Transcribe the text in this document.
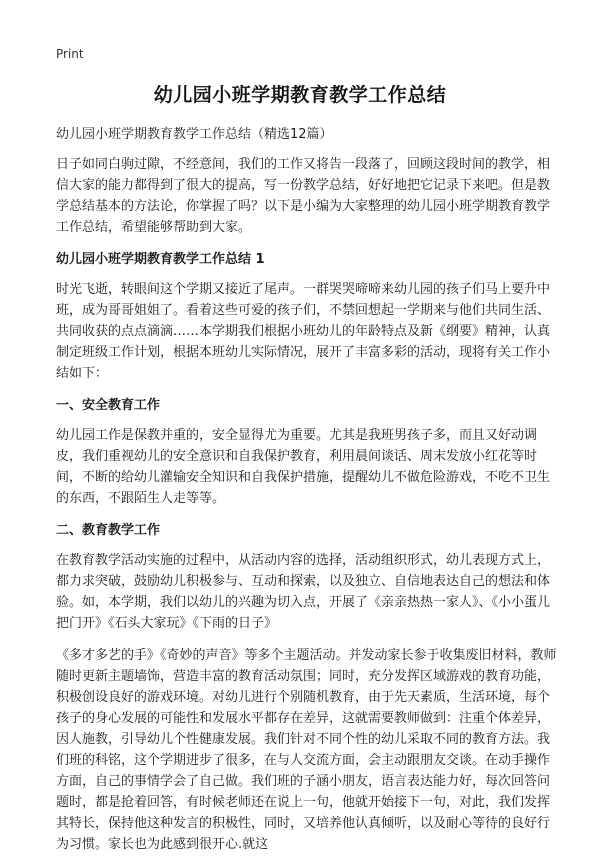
Print
幼儿园小班学期教育教学工作总结

幼儿园小班学期教育教学工作总结（精选12篇）

日子如同白驹过隙，不经意间，我们的工作又将告一段落了，回顾这段时间的教学，相信大家的能力都得到了很大的提高，写一份教学总结，好好地把它记录下来吧。但是教学总结基本的方法论，你掌握了吗？以下是小编为大家整理的幼儿园小班学期教育教学工作总结，希望能够帮助到大家。

幼儿园小班学期教育教学工作总结 1

时光飞逝，转眼间这个学期又接近了尾声。一群哭哭啼啼来幼儿园的孩子们马上要升中班，成为哥哥姐姐了。看着这些可爱的孩子们，不禁回想起一学期来与他们共同生活、共同收获的点点滴滴……本学期我们根据小班幼儿的年龄特点及新《纲要》精神，认真制定班级工作计划，根据本班幼儿实际情况，展开了丰富多彩的活动，现将有关工作小结如下：

一、安全教育工作

幼儿园工作是保教并重的，安全显得尤为重要。尤其是我班男孩子多，而且又好动调皮，我们重视幼儿的安全意识和自我保护教育，利用晨间谈话、周末发放小红花等时间，不断的给幼儿灌输安全知识和自我保护措施，提醒幼儿不做危险游戏，不吃不卫生的东西，不跟陌生人走等等。

二、教育教学工作

在教育教学活动实施的过程中，从活动内容的选择，活动组织形式，幼儿表现方式上，都力求突破，鼓励幼儿积极参与、互动和探索，以及独立、自信地表达自己的想法和体验。如，本学期，我们以幼儿的兴趣为切入点，开展了《亲亲热热一家人》、《小小蛋儿把门开》《石头大家玩》《下雨的日子》

《多才多艺的手》《奇妙的声音》等多个主题活动。并发动家长参于收集废旧材料，教师随时更新主题墙饰，营造丰富的教育活动氛围；同时，充分发挥区域游戏的教育功能，积极创设良好的游戏环境。对幼儿进行个别随机教育，由于先天素质，生活环境，每个孩子的身心发展的可能性和发展水平都存在差异，这就需要教师做到：注重个体差异，因人施教，引导幼儿个性健康发展。我们针对不同个性的幼儿采取不同的教育方法。我们班的科铭，这个学期进步了很多，在与人交流方面，会主动跟朋友交谈。在动手操作方面，自己的事情学会了自己做。我们班的子涵小朋友，语言表达能力好，每次回答问题时，都是抢着回答，有时候老师还在说上一句，他就开始接下一句，对此，我们发挥其特长，保持他这种发言的积极性，同时，又培养他认真倾听，以及耐心等待的良好行为习惯。家长也为此感到很开心.就这
